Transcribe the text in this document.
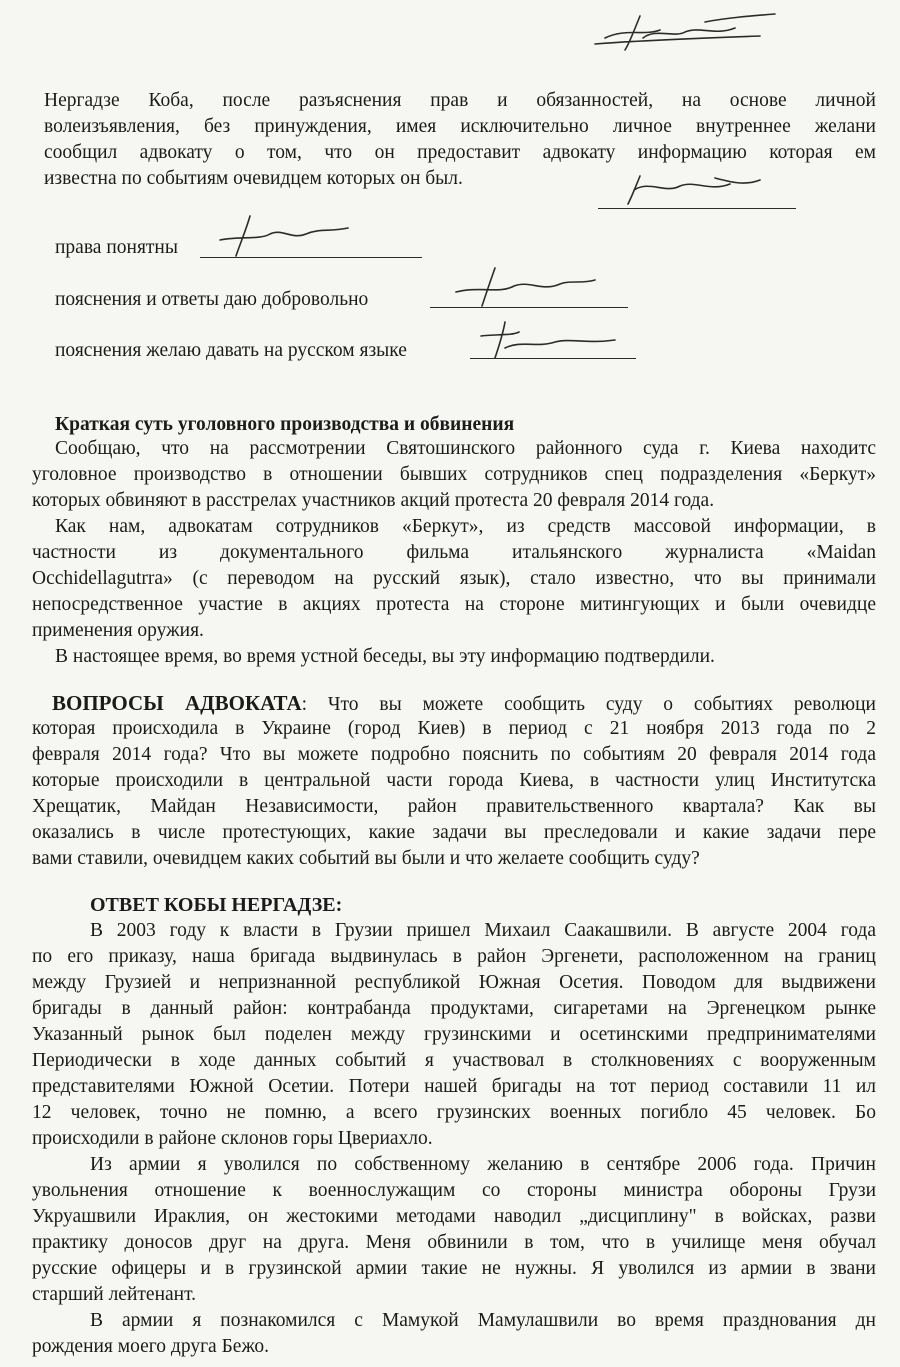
Нергадзе Коба, после разъяснения прав и обязанностей, на основе личной
волеизъявления, без принуждения, имея исключительно личное внутреннее желани
сообщил адвокату о том, что он предоставит адвокату информацию которая ем
известна по событиям очевидцем которых он был.
права понятны
пояснения и ответы даю добровольно
пояснения желаю давать на русском языке
Краткая суть уголовного производства и обвинения
Сообщаю, что на рассмотрении Святошинского районного суда г. Киева находитс
уголовное производство в отношении бывших сотрудников спец подразделения «Беркут»
которых обвиняют в расстрелах участников акций протеста 20 февраля 2014 года.
Как нам, адвокатам сотрудников «Беркут», из средств массовой информации, в
частности из документального фильма итальянского журналиста «Maidan
Occhidellagutrra» (с переводом на русский язык), стало известно, что вы принимали
непосредственное участие в акциях протеста на стороне митингующих и были очевидце
применения оружия.
В настоящее время, во время устной беседы, вы эту информацию подтвердили.
ВОПРОСЫ АДВОКАТА: Что вы можете сообщить суду о событиях революци
которая происходила в Украине (город Киев) в период с 21 ноября 2013 года по 2
февраля 2014 года? Что вы можете подробно пояснить по событиям 20 февраля 2014 года
которые происходили в центральной части города Киева, в частности улиц Институтска
Хрещатик, Майдан Независимости, район правительственного квартала? Как вы
оказались в числе протестующих, какие задачи вы преследовали и какие задачи пере
вами ставили, очевидцем каких событий вы были и что желаете сообщить суду?
ОТВЕТ КОБЫ НЕРГАДЗЕ:
В 2003 году к власти в Грузии пришел Михаил Саакашвили. В августе 2004 года
по его приказу, наша бригада выдвинулась в район Эргенети, расположенном на границ
между Грузией и непризнанной республикой Южная Осетия. Поводом для выдвижени
бригады в данный район: контрабанда продуктами, сигаретами на Эргенецком рынке
Указанный рынок был поделен между грузинскими и осетинскими предпринимателями
Периодически в ходе данных событий я участвовал в столкновениях с вооруженным
представителями Южной Осетии. Потери нашей бригады на тот период составили 11 ил
12 человек, точно не помню, а всего грузинских военных погибло 45 человек. Бо
происходили в районе склонов горы Цвериахло.
Из армии я уволился по собственному желанию в сентябре 2006 года. Причин
увольнения отношение к военнослужащим со стороны министра обороны Грузи
Укруашвили Ираклия, он жестокими методами наводил „дисциплину" в войсках, разви
практику доносов друг на друга. Меня обвинили в том, что в училище меня обучал
русские офицеры и в грузинской армии такие не нужны. Я уволился из армии в звани
старший лейтенант.
В армии я познакомился с Мамукой Мамулашвили во время празднования дн
рождения моего друга Бежо.
